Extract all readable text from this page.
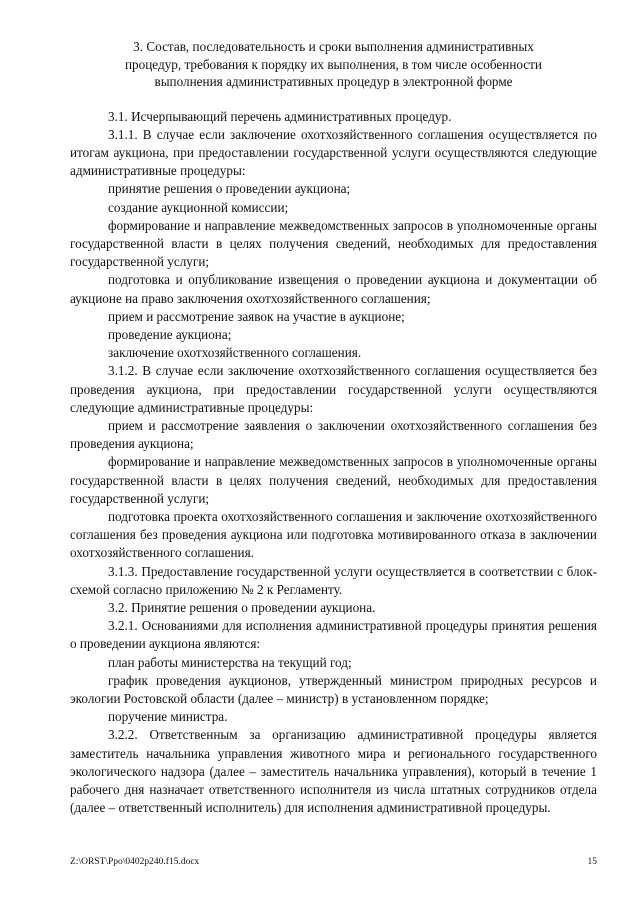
3. Состав, последовательность и сроки выполнения административных
процедур, требования к порядку их выполнения, в том числе особенности
выполнения административных процедур в электронной форме

3.1. Исчерпывающий перечень административных процедур.

3.1.1. В случае если заключение охотхозяйственного соглашения осуществляется по итогам аукциона, при предоставлении государственной услуги осуществляются следующие административные процедуры:

принятие решения о проведении аукциона;

создание аукционной комиссии;

формирование и направление межведомственных запросов в уполномоченные органы государственной власти в целях получения сведений, необходимых для предоставления государственной услуги;

подготовка и опубликование извещения о проведении аукциона и документации об аукционе на право заключения охотхозяйственного соглашения;

прием и рассмотрение заявок на участие в аукционе;

проведение аукциона;

заключение охотхозяйственного соглашения.

3.1.2. В случае если заключение охотхозяйственного соглашения осуществляется без проведения аукциона, при предоставлении государственной услуги осуществляются следующие административные процедуры:

прием и рассмотрение заявления о заключении охотхозяйственного соглашения без проведения аукциона;

формирование и направление межведомственных запросов в уполномоченные органы государственной власти в целях получения сведений, необходимых для предоставления государственной услуги;

подготовка проекта охотхозяйственного соглашения и заключение охотхозяйственного соглашения без проведения аукциона или подготовка мотивированного отказа в заключении охотхозяйственного соглашения.

3.1.3. Предоставление государственной услуги осуществляется в соответствии с блок-схемой согласно приложению № 2 к Регламенту.

3.2. Принятие решения о проведении аукциона.

3.2.1. Основаниями для исполнения административной процедуры принятия решения о проведении аукциона являются:

план работы министерства на текущий год;

график проведения аукционов, утвержденный министром природных ресурсов и экологии Ростовской области (далее – министр) в установленном порядке;

поручение министра.

3.2.2. Ответственным за организацию административной процедуры является заместитель начальника управления животного мира и регионального государственного экологического надзора (далее – заместитель начальника управления), который в течение 1 рабочего дня назначает ответственного исполнителя из числа штатных сотрудников отдела (далее – ответственный исполнитель) для исполнения административной процедуры.

Z:\ORST\Ppo\0402p240.f15.docx	15
